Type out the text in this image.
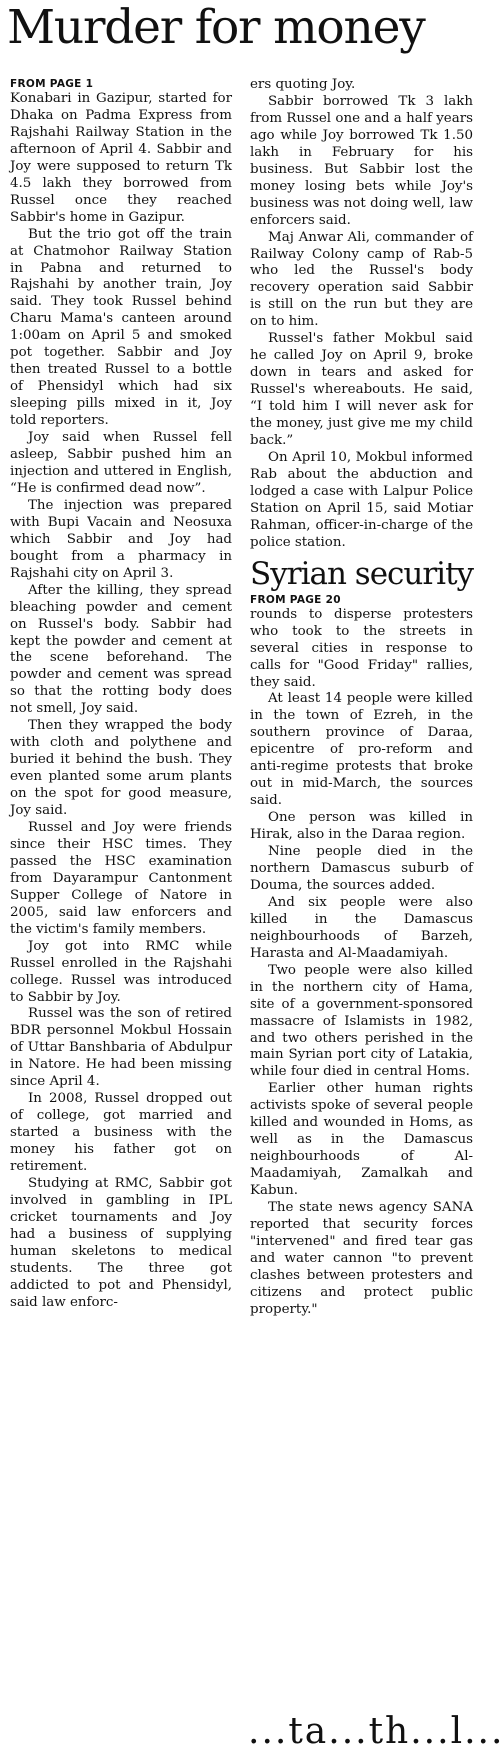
Murder for money
FROM PAGE 1

Konabari in Gazipur, started for Dhaka on Padma Express from Rajshahi Railway Station in the afternoon of April 4. Sabbir and Joy were supposed to return Tk 4.5 lakh they borrowed from Russel once they reached Sabbir's home in Gazipur.

But the trio got off the train at Chatmohor Railway Station in Pabna and returned to Rajshahi by another train, Joy said. They took Russel behind Charu Mama's canteen around 1:00am on April 5 and smoked pot together. Sabbir and Joy then treated Russel to a bottle of Phensidyl which had six sleeping pills mixed in it, Joy told reporters.

Joy said when Russel fell asleep, Sabbir pushed him an injection and uttered in English, “He is confirmed dead now”.

The injection was prepared with Bupi Vacain and Neosuxa which Sabbir and Joy had bought from a pharmacy in Rajshahi city on April 3.

After the killing, they spread bleaching powder and cement on Russel's body. Sabbir had kept the powder and cement at the scene beforehand. The powder and cement was spread so that the rotting body does not smell, Joy said.

Then they wrapped the body with cloth and polythene and buried it behind the bush. They even planted some arum plants on the spot for good measure, Joy said.

Russel and Joy were friends since their HSC times. They passed the HSC examination from Dayarampur Cantonment Supper College of Natore in 2005, said law enforcers and the victim's family members.

Joy got into RMC while Russel enrolled in the Rajshahi college. Russel was introduced to Sabbir by Joy.

Russel was the son of retired BDR personnel Mokbul Hossain of Uttar Banshbaria of Abdulpur in Natore. He had been missing since April 4.

In 2008, Russel dropped out of college, got married and started a business with the money his father got on retirement.

Studying at RMC, Sabbir got involved in gambling in IPL cricket tournaments and Joy had a business of supplying human skeletons to medical students. The three got addicted to pot and Phensidyl, said law enforc-

ers quoting Joy.

Sabbir borrowed Tk 3 lakh from Russel one and a half years ago while Joy borrowed Tk 1.50 lakh in February for his business. But Sabbir lost the money losing bets while Joy's business was not doing well, law enforcers said.

Maj Anwar Ali, commander of Railway Colony camp of Rab-5 who led the Russel's body recovery operation said Sabbir is still on the run but they are on to him.

Russel's father Mokbul said he called Joy on April 9, broke down in tears and asked for Russel's whereabouts. He said, “I told him I will never ask for the money, just give me my child back.”

On April 10, Mokbul informed Rab about the abduction and lodged a case with Lalpur Police Station on April 15, said Motiar Rahman, officer-in-charge of the police station.

Syrian security
FROM PAGE 20

rounds to disperse protesters who took to the streets in several cities in response to calls for "Good Friday" rallies, they said.

At least 14 people were killed in the town of Ezreh, in the southern province of Daraa, epicentre of pro-reform and anti-regime protests that broke out in mid-March, the sources said.

One person was killed in Hirak, also in the Daraa region.

Nine people died in the northern Damascus suburb of Douma, the sources added.

And six people were also killed in the Damascus neighbourhoods of Barzeh, Harasta and Al-Maadamiyah.

Two people were also killed in the northern city of Hama, site of a government-sponsored massacre of Islamists in 1982, and two others perished in the main Syrian port city of Latakia, while four died in central Homs.

Earlier other human rights activists spoke of several people killed and wounded in Homs, as well as in the Damascus neighbourhoods of Al-Maadamiyah, Zamalkah and Kabun.

The state news agency SANA reported that security forces "intervened" and fired tear gas and water cannon "to prevent clashes between protesters and citizens and protect public property."

...ta...th...l...
